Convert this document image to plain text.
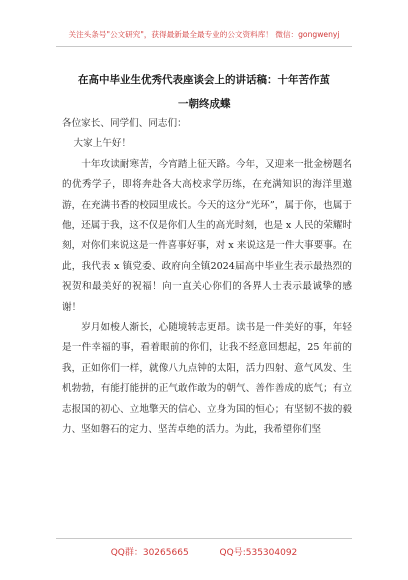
关注头条号"公文研究"，获得最新最全最专业的公文资料库！ 微信：gongwenyj
在高中毕业生优秀代表座谈会上的讲话稿：十年苦作茧
一朝终成蝶

各位家长、同学们、同志们：

大家上午好！

十年攻读耐寒苦，今宵踏上征天路。今年，又迎来一批金榜题名的优秀学子，即将奔赴各大高校求学历练，在充满知识的海洋里遨游，在充满书香的校园里成长。今天的这分“光环”，属于你，也属于他，还属于我，这不仅是你们人生的高光时刻，也是 x 人民的荣耀时刻，对你们来说这是一件喜事好事，对 x 来说这是一件大事要事。在此，我代表 x 镇党委、政府向全镇2024届高中毕业生表示最热烈的祝贺和最美好的祝福！向一直关心你们的各界人士表示最诚挚的感谢！

岁月如梭人渐长，心随境转志更昂。读书是一件美好的事，年轻是一件幸福的事，看着眼前的你们，让我不经意回想起，25 年前的我，正如你们一样，就像八九点钟的太阳，活力四射、意气风发、生机勃勃，有能打能拼的正气敢作敢为的朝气、善作善成的底气；有立志报国的初心、立地擎天的信心、立身为国的恒心；有坚韧不拔的毅力、坚如磐石的定力、坚苦卓绝的活力。为此，我希望你们坚

QQ群：30265665	QQ号:535304092
